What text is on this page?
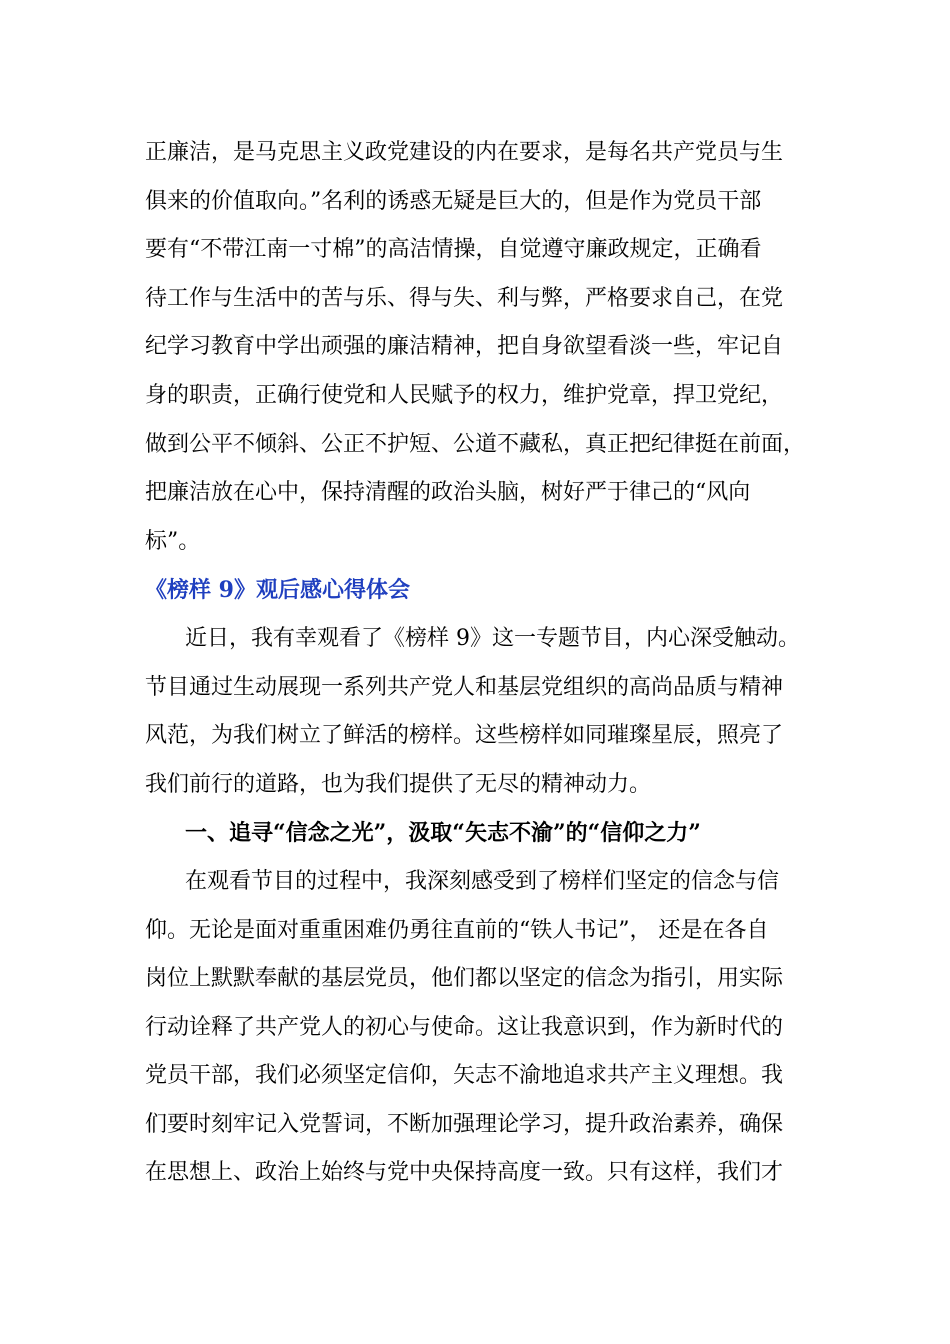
正廉洁，是马克思主义政党建设的内在要求，是每名共产党员与生
俱来的价值取向。”名利的诱惑无疑是巨大的，但是作为党员干部
要有“不带江南一寸棉”的高洁情操，自觉遵守廉政规定，正确看
待工作与生活中的苦与乐、得与失、利与弊，严格要求自己，在党
纪学习教育中学出顽强的廉洁精神，把自身欲望看淡一些，牢记自
身的职责，正确行使党和人民赋予的权力，维护党章，捍卫党纪，
做到公平不倾斜、公正不护短、公道不藏私，真正把纪律挺在前面，
把廉洁放在心中，保持清醒的政治头脑，树好严于律己的“风向
标”。
《榜样 9》观后感心得体会
近日，我有幸观看了《榜样 9》这一专题节目，内心深受触动。
节目通过生动展现一系列共产党人和基层党组织的高尚品质与精神
风范，为我们树立了鲜活的榜样。这些榜样如同璀璨星辰，照亮了
我们前行的道路，也为我们提供了无尽的精神动力。
一、追寻“信念之光”，汲取“矢志不渝”的“信仰之力”
在观看节目的过程中，我深刻感受到了榜样们坚定的信念与信
仰。无论是面对重重困难仍勇往直前的“铁人书记”， 还是在各自
岗位上默默奉献的基层党员，他们都以坚定的信念为指引，用实际
行动诠释了共产党人的初心与使命。这让我意识到，作为新时代的
党员干部，我们必须坚定信仰，矢志不渝地追求共产主义理想。我
们要时刻牢记入党誓词，不断加强理论学习，提升政治素养，确保
在思想上、政治上始终与党中央保持高度一致。只有这样，我们才
